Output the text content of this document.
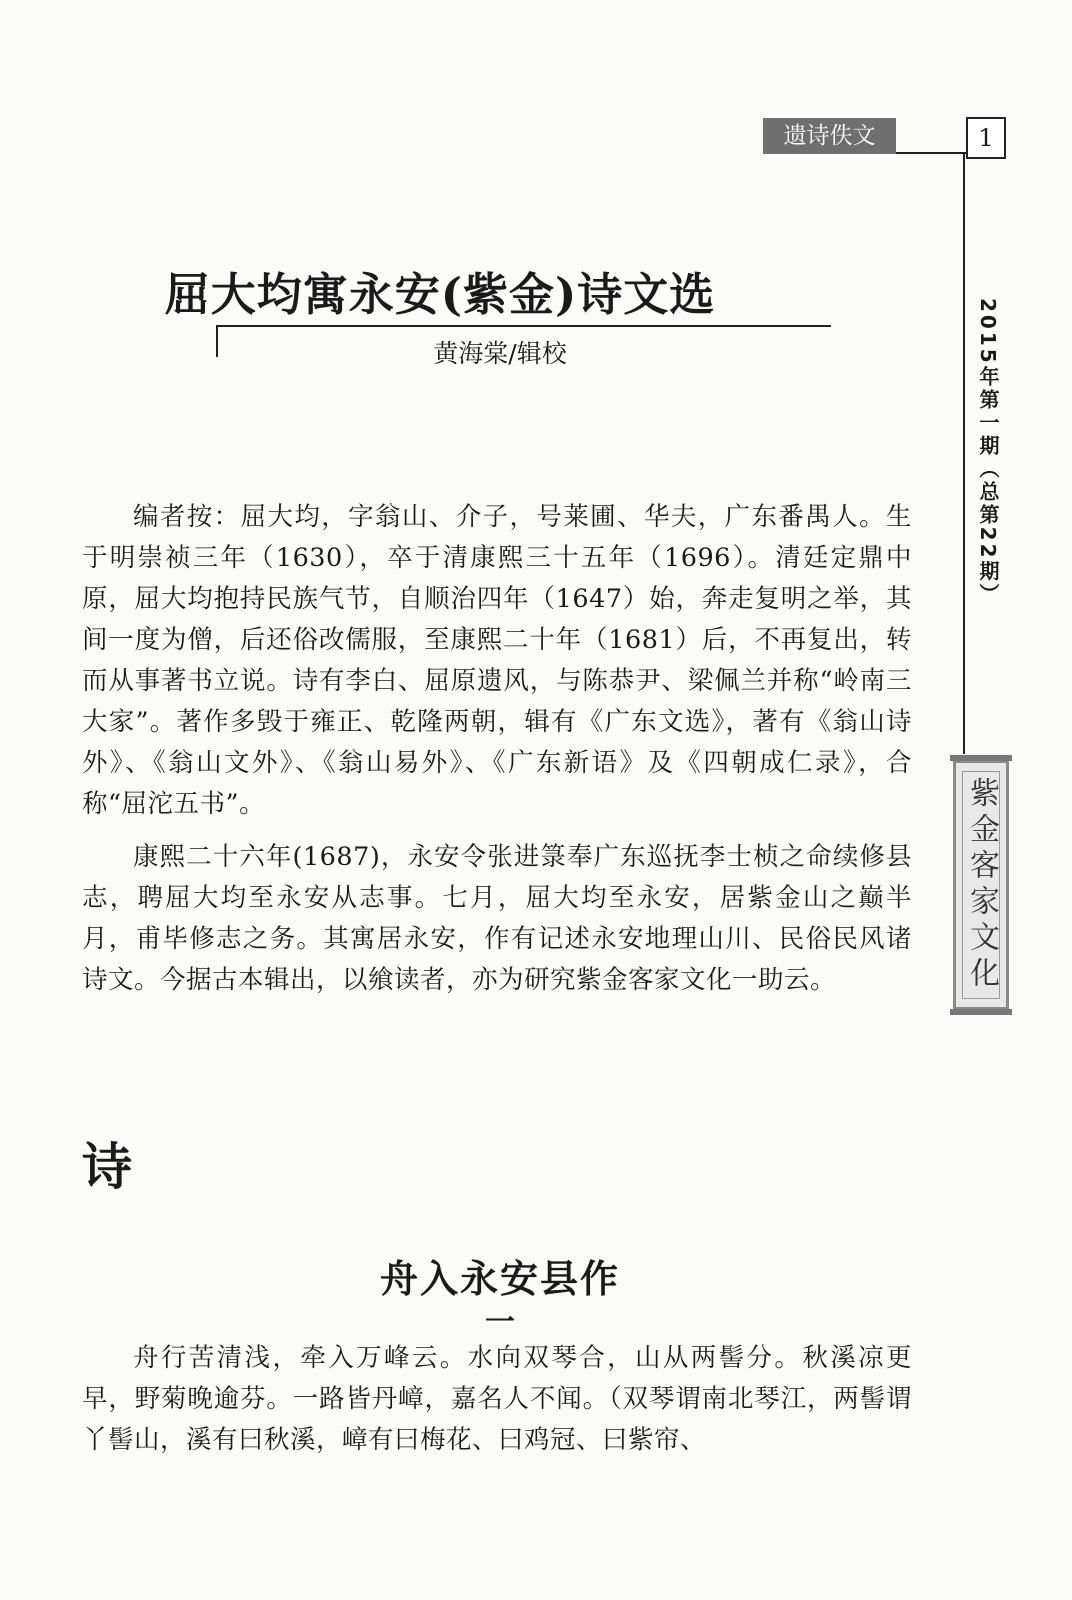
遗诗佚文	1
2015年第一期（总第22期）
紫金客家文化
屈大均寓永安(紫金)诗文选
黄海棠/辑校

编者按：屈大均，字翁山、介子，号莱圃、华夫，广东番禺人。生于明崇祯三年（1630），卒于清康熙三十五年（1696）。清廷定鼎中原，屈大均抱持民族气节，自顺治四年（1647）始，奔走复明之举，其间一度为僧，后还俗改儒服，至康熙二十年（1681）后，不再复出，转而从事著书立说。诗有李白、屈原遗风，与陈恭尹、梁佩兰并称“岭南三大家”。著作多毁于雍正、乾隆两朝，辑有《广东文选》，著有《翁山诗外》、《翁山文外》、《翁山易外》、《广东新语》及《四朝成仁录》，合称“屈沱五书”。

康熙二十六年(1687)，永安令张进箓奉广东巡抚李士桢之命续修县志，聘屈大均至永安从志事。七月，屈大均至永安，居紫金山之巅半月，甫毕修志之务。其寓居永安，作有记述永安地理山川、民俗民风诸诗文。今据古本辑出，以飨读者，亦为研究紫金客家文化一助云。

诗
舟入永安县作
一

舟行苦清浅，牵入万峰云。水向双琴合，山从两髻分。秋溪凉更早，野菊晚逾芬。一路皆丹嶂，嘉名人不闻。（双琴谓南北琴江，两髻谓丫髻山，溪有曰秋溪，嶂有曰梅花、曰鸡冠、曰紫帘、
